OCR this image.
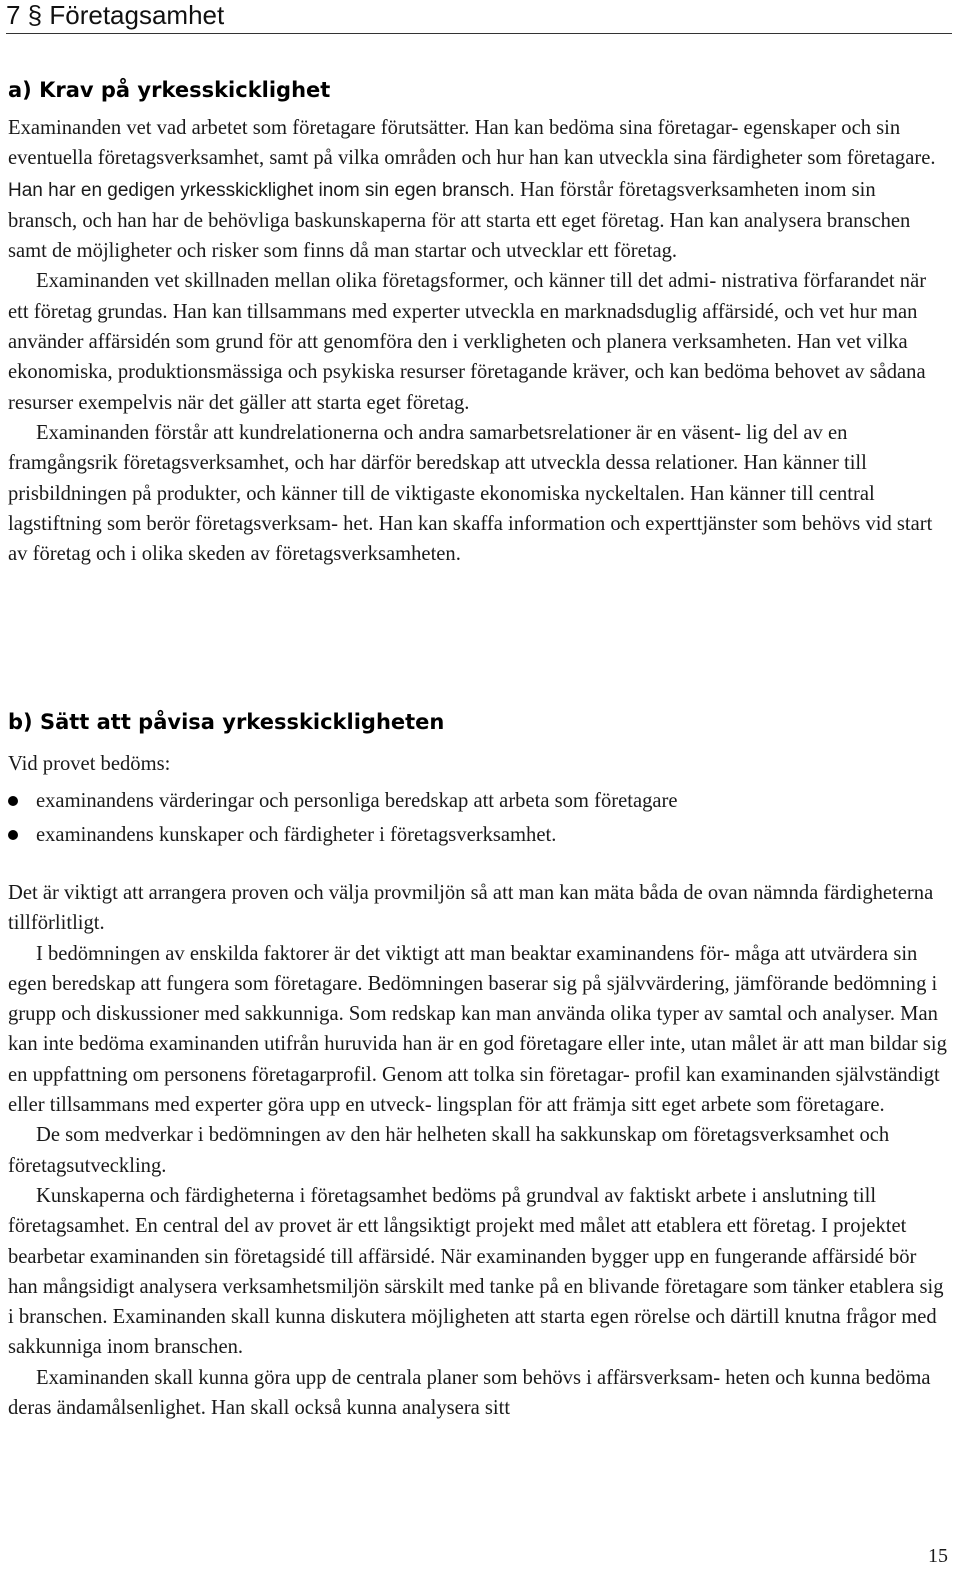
7 § Företagsamhet
a) Krav på yrkesskicklighet

Examinanden vet vad arbetet som företagare förutsätter. Han kan bedöma sina företagar- egenskaper och sin eventuella företagsverksamhet, samt på vilka områden och hur han kan utveckla sina färdigheter som företagare. Han har en gedigen yrkesskicklighet inom sin egen bransch. Han förstår företagsverksamheten inom sin bransch, och han har de behövliga baskunskaperna för att starta ett eget företag. Han kan analysera branschen samt de möjligheter och risker som finns då man startar och utvecklar ett företag.

Examinanden vet skillnaden mellan olika företagsformer, och känner till det admi- nistrativa förfarandet när ett företag grundas. Han kan tillsammans med experter utveckla en marknadsduglig affärsidé, och vet hur man använder affärsidén som grund för att genomföra den i verkligheten och planera verksamheten. Han vet vilka ekonomiska, produktionsmässiga och psykiska resurser företagande kräver, och kan bedöma behovet av sådana resurser exempelvis när det gäller att starta eget företag.

Examinanden förstår att kundrelationerna och andra samarbetsrelationer är en väsent- lig del av en framgångsrik företagsverksamhet, och har därför beredskap att utveckla dessa relationer. Han känner till prisbildningen på produkter, och känner till de viktigaste ekonomiska nyckeltalen. Han känner till central lagstiftning som berör företagsverksam- het. Han kan skaffa information och experttjänster som behövs vid start av företag och i olika skeden av företagsverksamheten.

b) Sätt att påvisa yrkesskickligheten
Vid provet bedöms:
examinandens värderingar och personliga beredskap att arbeta som företagare
examinandens kunskaper och färdigheter i företagsverksamhet.

Det är viktigt att arrangera proven och välja provmiljön så att man kan mäta båda de ovan nämnda färdigheterna tillförlitligt.

I bedömningen av enskilda faktorer är det viktigt att man beaktar examinandens för- måga att utvärdera sin egen beredskap att fungera som företagare. Bedömningen baserar sig på självvärdering, jämförande bedömning i grupp och diskussioner med sakkunniga. Som redskap kan man använda olika typer av samtal och analyser. Man kan inte bedöma examinanden utifrån huruvida han är en god företagare eller inte, utan målet är att man bildar sig en uppfattning om personens företagarprofil. Genom att tolka sin företagar- profil kan examinanden självständigt eller tillsammans med experter göra upp en utveck- lingsplan för att främja sitt eget arbete som företagare.

De som medverkar i bedömningen av den här helheten skall ha sakkunskap om företagsverksamhet och företagsutveckling.

Kunskaperna och färdigheterna i företagsamhet bedöms på grundval av faktiskt arbete i anslutning till företagsamhet. En central del av provet är ett långsiktigt projekt med målet att etablera ett företag. I projektet bearbetar examinanden sin företagsidé till affärsidé. När examinanden bygger upp en fungerande affärsidé bör han mångsidigt analysera verksamhetsmiljön särskilt med tanke på en blivande företagare som tänker etablera sig i branschen. Examinanden skall kunna diskutera möjligheten att starta egen rörelse och därtill knutna frågor med sakkunniga inom branschen.

Examinanden skall kunna göra upp de centrala planer som behövs i affärsverksam- heten och kunna bedöma deras ändamålsenlighet. Han skall också kunna analysera sitt

15
